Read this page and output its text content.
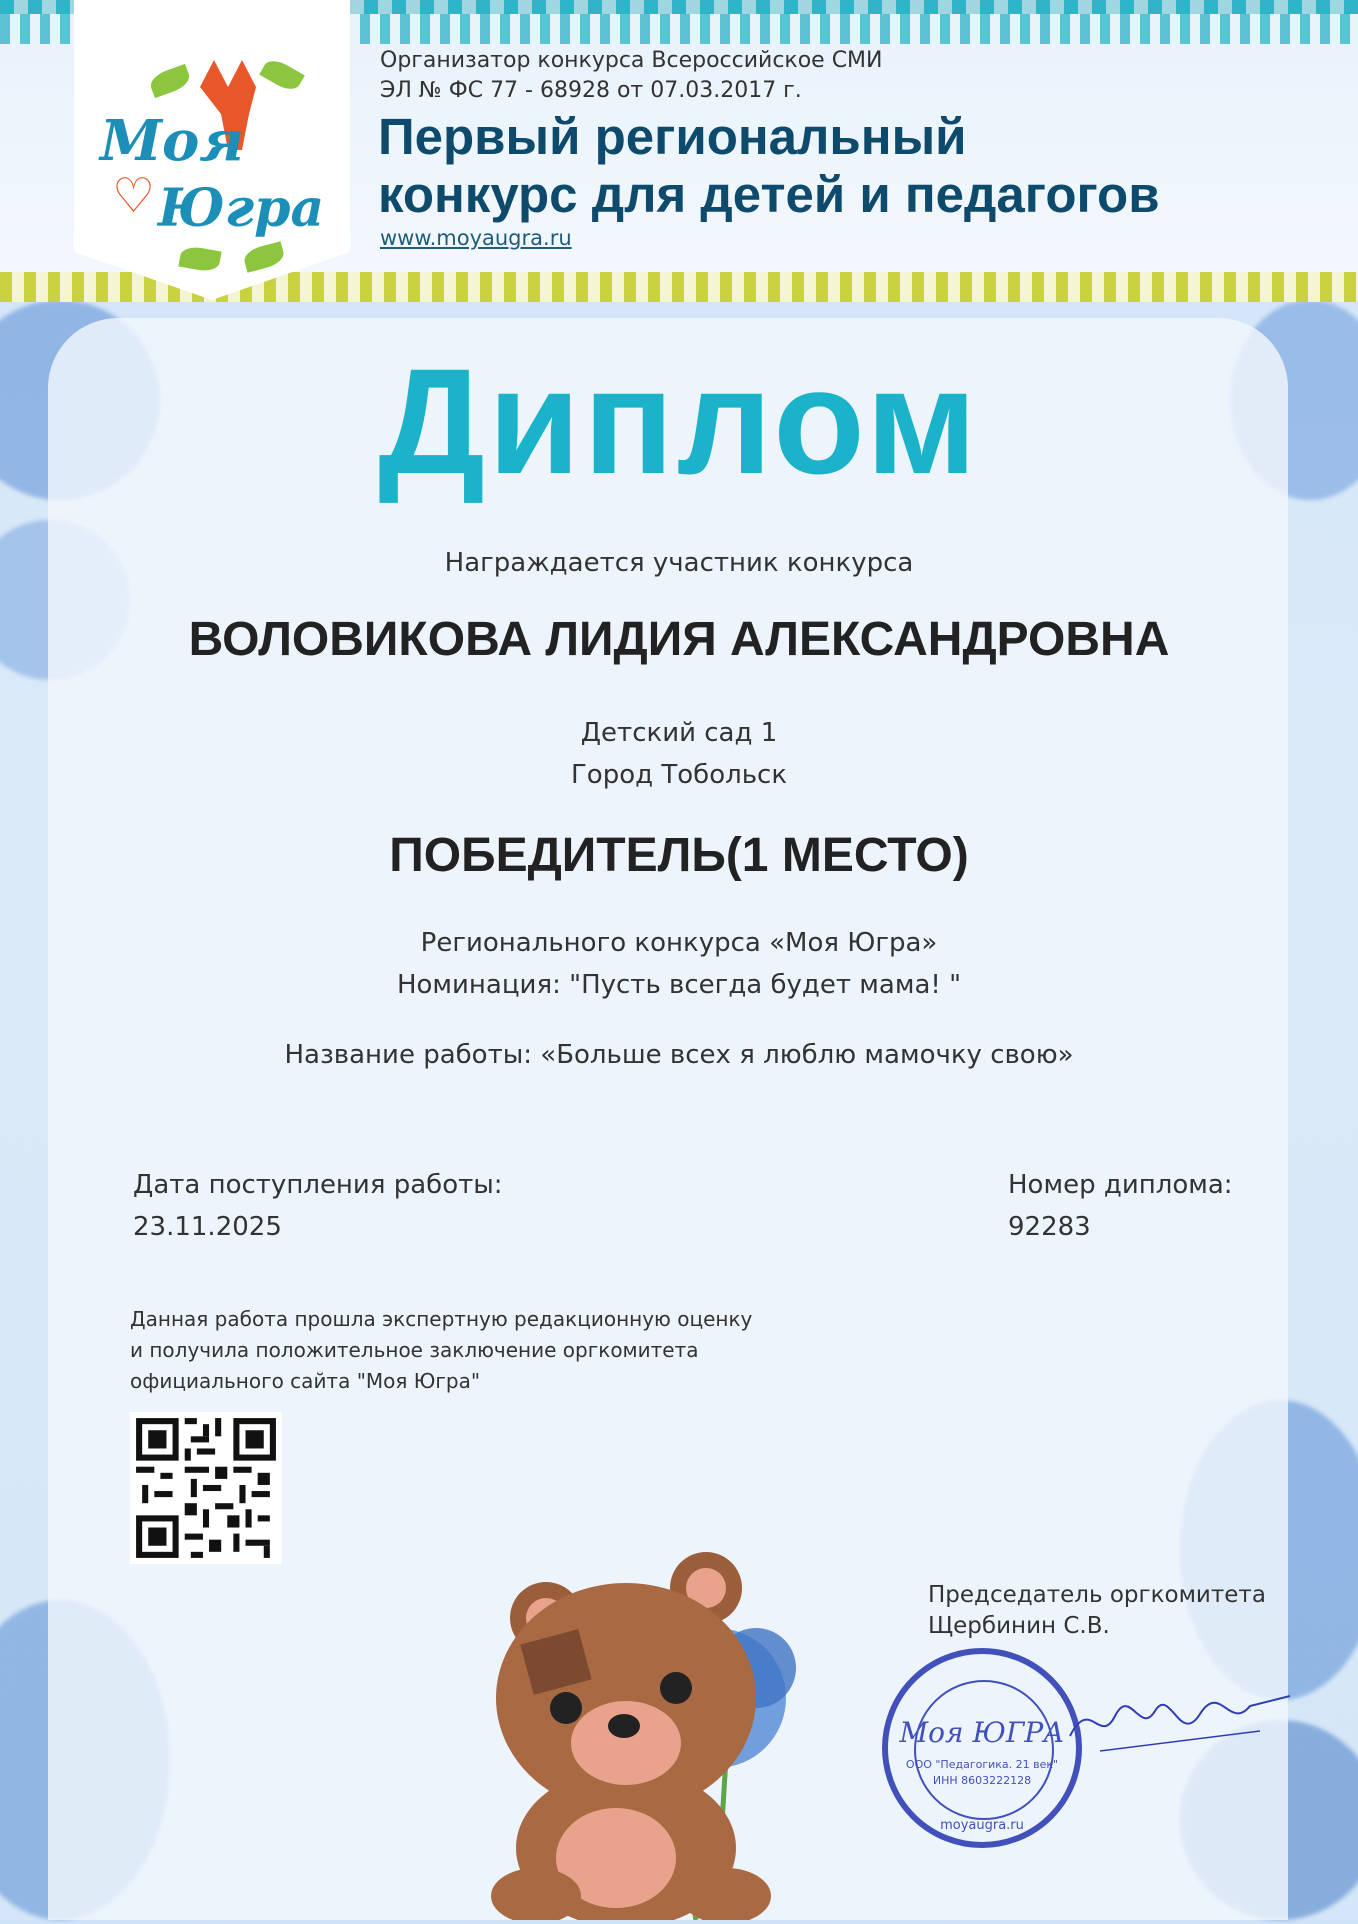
Моя
♡ Югра
Организатор конкурса Всероссийское СМИ
ЭЛ № ФС 77 - 68928 от 07.03.2017 г.
Первый региональный
конкурс для детей и педагогов
www.moyaugra.ru
Диплом
Награждается участник конкурса
ВОЛОВИКОВА ЛИДИЯ АЛЕКСАНДРОВНА
Детский сад 1
Город Тобольск
ПОБЕДИТЕЛЬ(1 МЕСТО)
Регионального конкурса «Моя Югра»
Номинация: "Пусть всегда будет мама! "
Название работы: «Больше всех я люблю мамочку свою»
Дата поступления работы:
23.11.2025
Номер диплома:
92283
Данная работа прошла экспертную редакционную оценку
и получила положительное заключение оргкомитета
официального сайта "Моя Югра"
Председатель оргкомитета
Щербинин С.В.
Моя ЮГРА
ООО "Педагогика. 21 век"
ИНН 8603222128
moyaugra.ru
